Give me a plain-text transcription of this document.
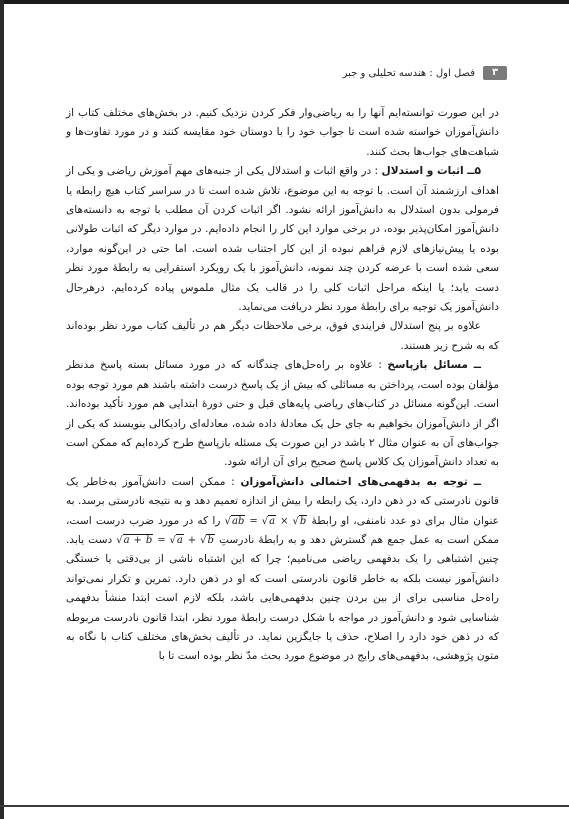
۳
فصل اول : هندسه تحلیلی و جبر

در این صورت توانسته‌ایم آنها را به ریاضی‌وار فکر کردن نزدیک کنیم. در بخش‌های مختلف کتاب از دانش‌آموزان خواسته شده است تا جواب خود را با دوستان خود مقایسه کنند و در مورد تفاوت‌ها و شباهت‌های جواب‌ها بحث کنند.

۵ــ اثبات و استدلال : در واقع اثبات و استدلال یکی از جنبه‌های مهم آموزش ریاضی و یکی از اهداف ارزشمند آن است. با توجه به این موضوع، تلاش شده است تا در سراسر کتاب هیچ رابطه یا فرمولی بدون استدلال به دانش‌آموز ارائه نشود. اگر اثبات کردن آن مطلب با توجه به دانسته‌های دانش‌آموز امکان‌پذیر بوده، در برخی موارد این کار را انجام داده‌ایم. در موارد دیگر که اثبات طولانی بوده یا پیش‌نیازهای لازم فراهم نبوده از این کار اجتناب شده است. اما حتی در این‌گونه موارد، سعی شده است با عرضه کردن چند نمونه، دانش‌آموز با یک رویکرد استقرایی به رابطهٔ مورد نظر دست یابد؛ یا اینکه مراحل اثبات کلی را در قالب یک مثال ملموس پیاده کرده‌ایم. درهرحال دانش‌آموز یک توجیه برای رابطهٔ مورد نظر دریافت می‌نماید.

علاوه بر پنج استدلال فرایندی فوق، برخی ملاحظات دیگر هم در تألیف کتاب مورد نظر بوده‌اند که به شرح زیر هستند.

ــ مسائل بازپاسخ : علاوه بر راه‌حل‌های چندگانه که در مورد مسائل بسته پاسخ مدنظر مؤلفان بوده است، پرداختن به مسائلی که بیش از یک پاسخ درست داشته باشند هم مورد توجه بوده است. این‌گونه مسائل در کتاب‌های ریاضی پایه‌های قبل و حتی دورهٔ ابتدایی هم مورد تأکید بوده‌اند. اگر از دانش‌آموزان بخواهیم به جای حل یک معادلهٔ داده شده، معادله‌ای رادیکالی بنویسند که یکی از جواب‌های آن به عنوان مثال ۲ باشد در این صورت یک مسئله بازپاسخ طرح کرده‌ایم که ممکن است به تعداد دانش‌آموزان یک کلاس پاسخ صحیح برای آن ارائه شود.

ــ توجه به بدفهمی‌های احتمالی دانش‌آموزان : ممکن است دانش‌آموز به‌خاطر یک قانون نادرستی که در ذهن دارد، یک رابطه را بیش از اندازه تعمیم دهد و به نتیجه نادرستی برسد. به عنوان مثال برای دو عدد نامنفی، او رابطهٔ √ab = √a × √b را که در مورد ضرب درست است، ممکن است به عمل جمع هم گسترش دهد و به رابطهٔ نادرستِ √a + b = √a + √b دست یابد. چنین اشتباهی را یک بدفهمی ریاضی می‌نامیم؛ چرا که این اشتباه ناشی از بی‌دقتی یا خستگی دانش‌آموز نیست بلکه به خاطر قانون نادرستی است که او در ذهن دارد. تمرین و تکرار نمی‌تواند راه‌حل مناسبی برای از بین بردن چنین بدفهمی‌هایی باشد، بلکه لازم است ابتدا منشأ بدفهمی شناسایی شود و دانش‌آموز در مواجه با شکل درست رابطهٔ مورد نظر، ابتدا قانون نادرست مربوطه که در ذهن خود دارد را اصلاح، حذف یا جایگزین نماید. در تألیف بخش‌های مختلف کتاب با نگاه به متون پژوهشی، بدفهمی‌های رایج در موضوع مورد بحث مدّ نظر بوده است تا با
